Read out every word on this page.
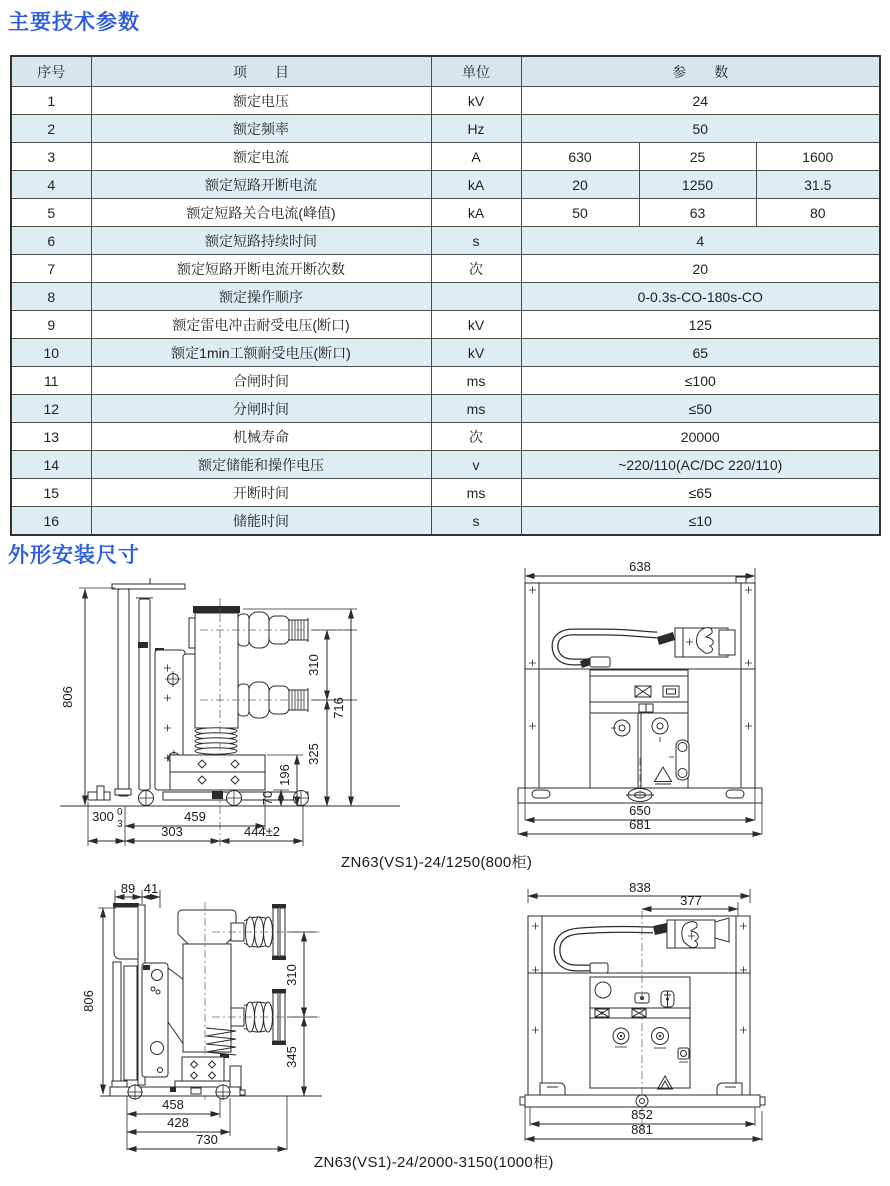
主要技术参数
序号	项　　目	单位	参　　数		
1	额定电压	kV	24		
2	额定频率	Hz	50		
3	额定电流	A	630	25	1600
4	额定短路开断电流	kA	20	1250	31.5
5	额定短路关合电流(峰值)	kA	50	63	80
6	额定短路持续时间	s	4		
7	额定短路开断电流开断次数	次	20		
8	额定操作顺序		0-0.3s-CO-180s-CO		
9	额定雷电冲击耐受电压(断口)	kV	125		
10	额定1min工额耐受电压(断口)	kV	65		
11	合闸时间	ms	≤100		
12	分闸时间	ms	≤50		
13	机械寿命	次	20000		
14	额定储能和操作电压	v	~220/110(AC/DC 220/110)		
15	开断时间	ms	≤65		
16	储能时间	s	≤10		
外形安装尺寸
310
325
716
196
70
806
459
300 0
3	303	444±2
638
650
681
ZN63(VS1)-24/1250(800柜)
89 41
806
310
345
458
428
730
838
377
852
881
ZN63(VS1)-24/2000-3150(1000柜)
